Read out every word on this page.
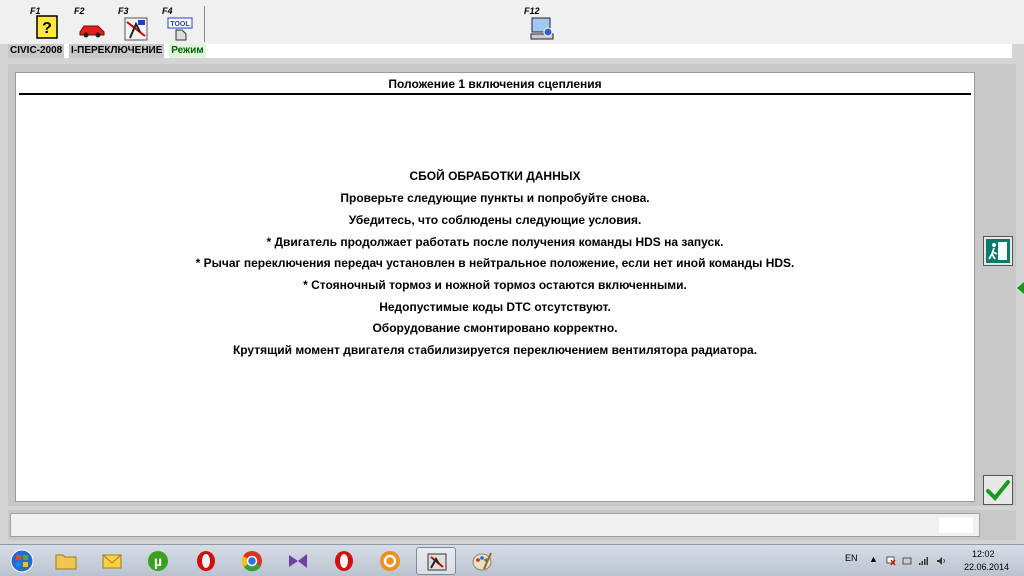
F1
?
F2	F3	F4
TOOL
F12
CIVIC-2008 I-ПЕРЕКЛЮЧЕНИЕ Режим
Положение 1 включения сцепления
СБОЙ ОБРАБОТКИ ДАННЫХ
Проверьте следующие пункты и попробуйте снова.
Убедитесь, что соблюдены следующие условия.
* Двигатель продолжает работать после получения команды HDS на запуск.
* Рычаг переключения передач установлен в нейтральное положение, если нет иной команды HDS.
* Стояночный тормоз и ножной тормоз остаются включенными.
Недопустимые коды DTC отсутствуют.
Оборудование смонтировано корректно.
Крутящий момент двигателя стабилизируется переключением вентилятора радиатора.
µ	EN ▲	12:02
22.06.2014
